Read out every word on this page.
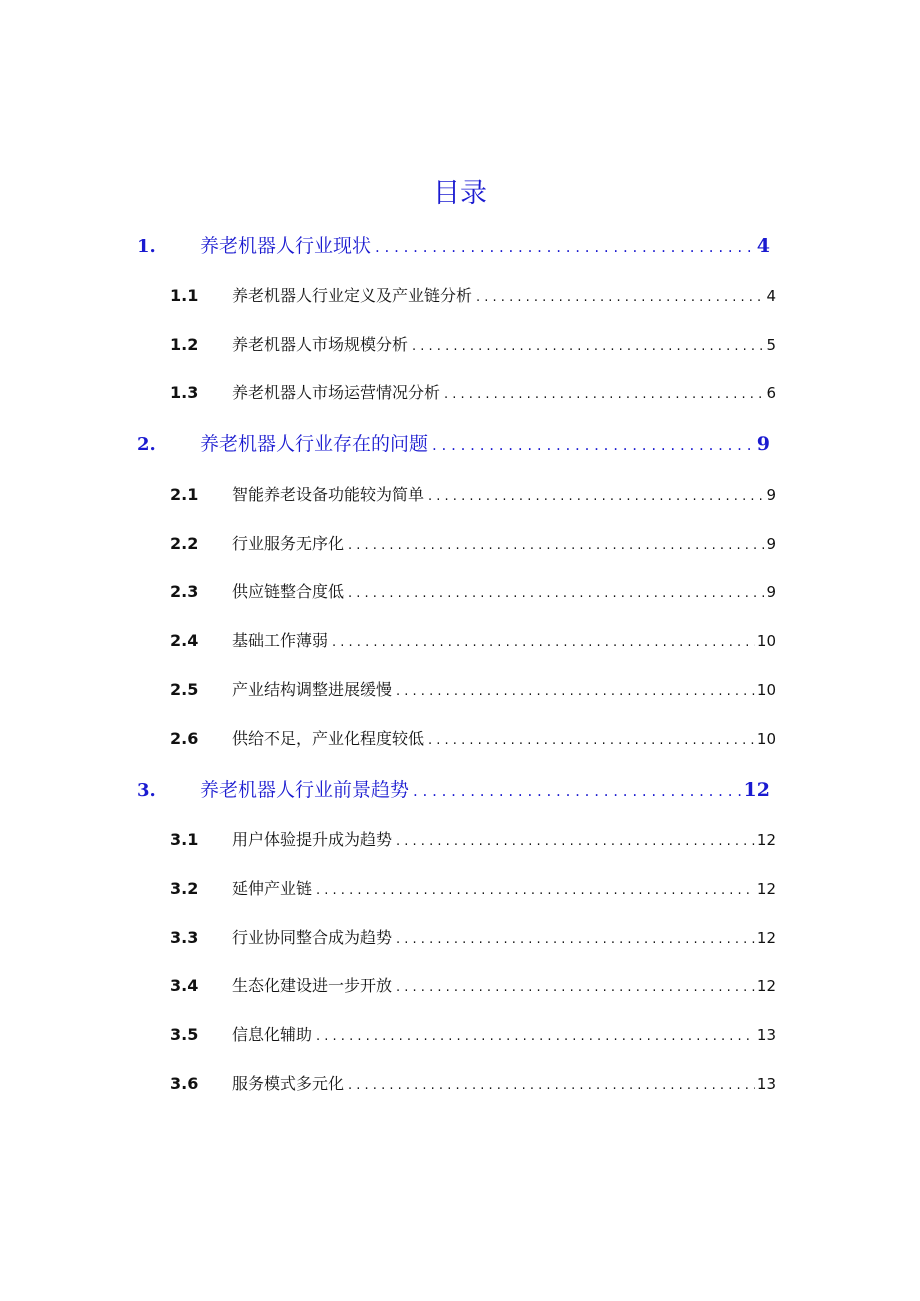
目录
1.	养老机器人行业现状 . . .	4
1.1	养老机器人行业定义及产业链分析 . . .	4
1.2	养老机器人市场规模分析 . . .	5
1.3	养老机器人市场运营情况分析 . . .	6
2.	养老机器人行业存在的问题 . . .	9
2.1	智能养老设备功能较为简单 . . .	9
2.2	行业服务无序化 . . .	9
2.3	供应链整合度低 . . .	9
2.4	基础工作薄弱 . . .	10
2.5	产业结构调整进展缓慢 . . .	10
2.6	供给不足，产业化程度较低 . . .	10
3.	养老机器人行业前景趋势 . . .	12
3.1	用户体验提升成为趋势 . . .	12
3.2	延伸产业链 . . .	12
3.3	行业协同整合成为趋势 . . .	12
3.4	生态化建设进一步开放 . . .	12
3.5	信息化辅助 . . .	13
3.6	服务模式多元化 . . .	13
